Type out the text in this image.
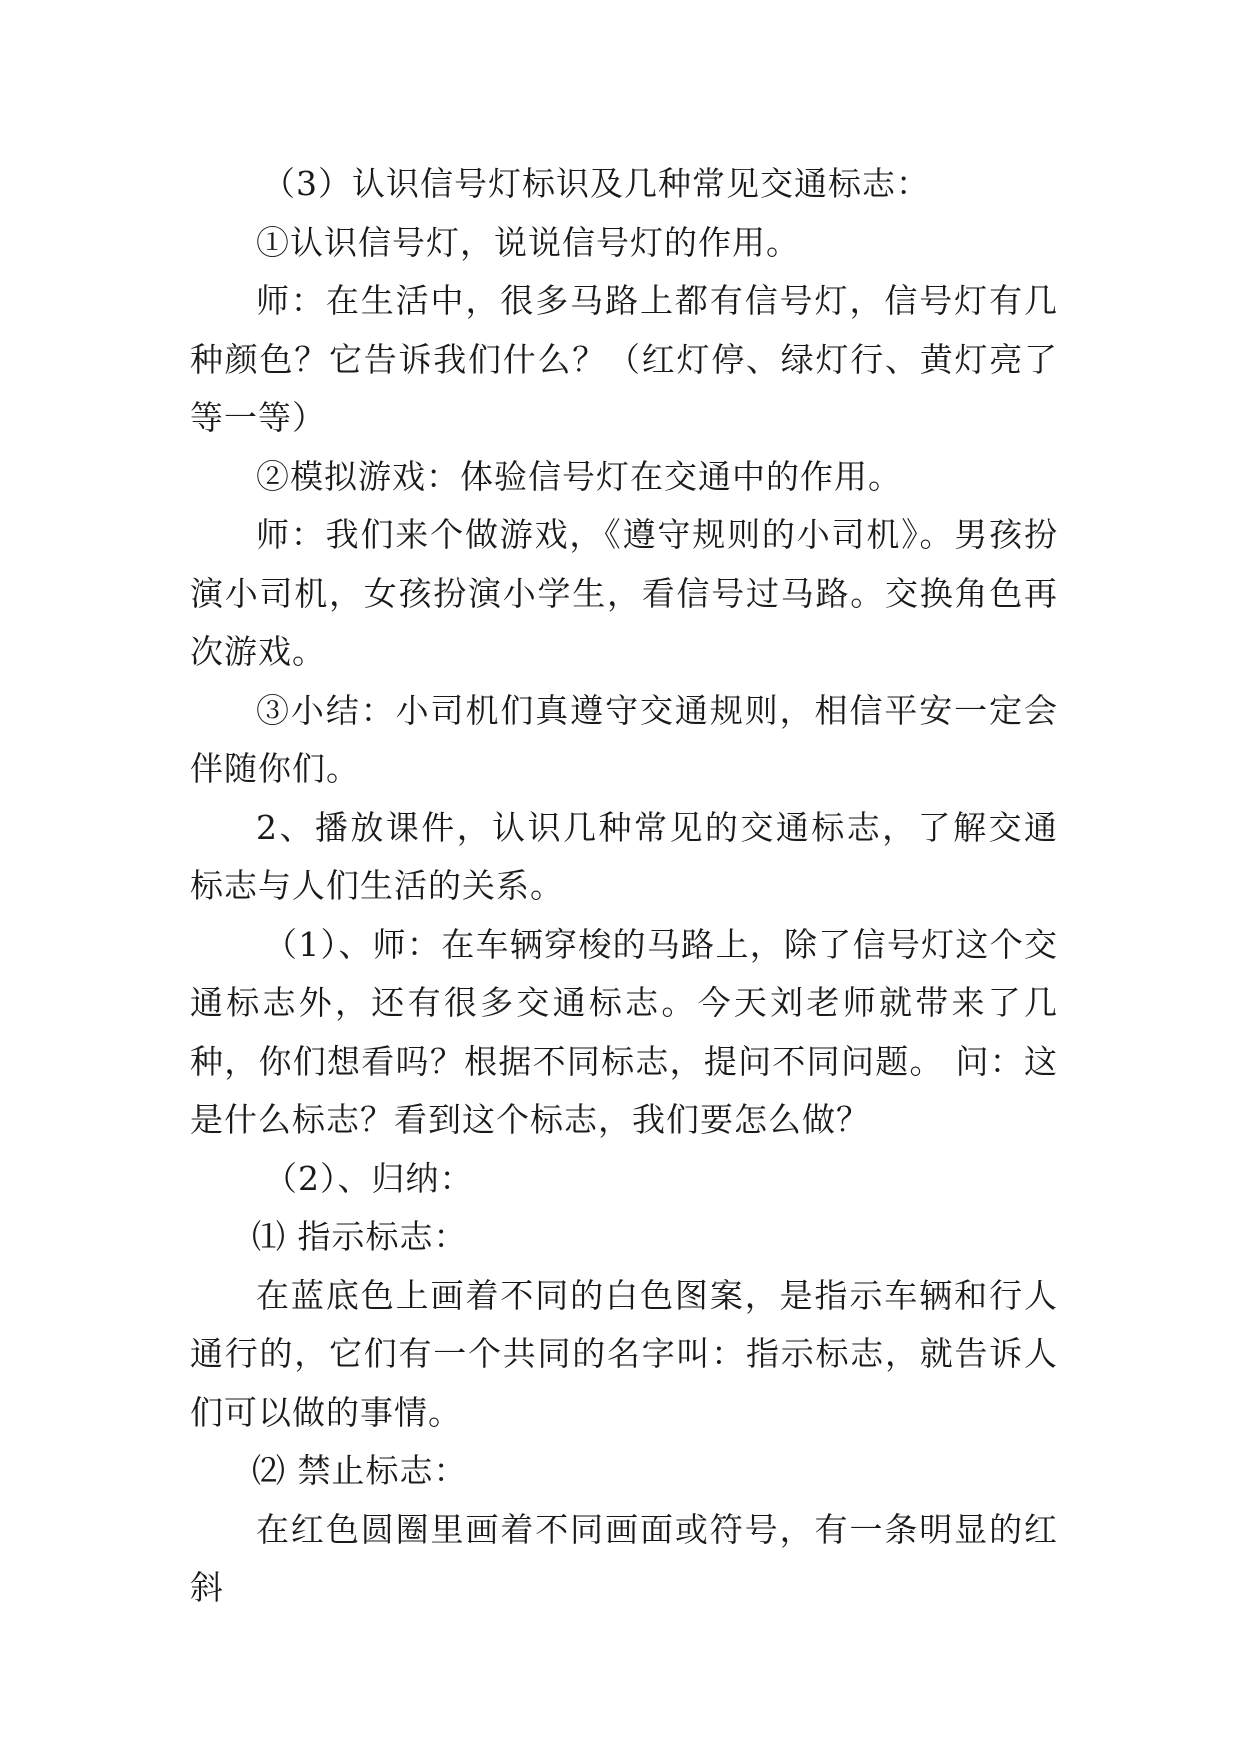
（3）认识信号灯标识及几种常见交通标志：

①认识信号灯，说说信号灯的作用。

师：在生活中，很多马路上都有信号灯，信号灯有几种颜色？它告诉我们什么？（红灯停、绿灯行、黄灯亮了等一等）

②模拟游戏：体验信号灯在交通中的作用。

师：我们来个做游戏，《遵守规则的小司机》。男孩扮演小司机，女孩扮演小学生，看信号过马路。交换角色再次游戏。

③小结：小司机们真遵守交通规则，相信平安一定会伴随你们。

2、播放课件，认识几种常见的交通标志，了解交通标志与人们生活的关系。

（1）、师：在车辆穿梭的马路上，除了信号灯这个交通标志外，还有很多交通标志。今天刘老师就带来了几种，你们想看吗？根据不同标志，提问不同问题。 问：这是什么标志？看到这个标志，我们要怎么做？

（2）、归纳：

⑴ 指示标志：

在蓝底色上画着不同的白色图案，是指示车辆和行人通行的，它们有一个共同的名字叫：指示标志，就告诉人们可以做的事情。

⑵ 禁止标志：

在红色圆圈里画着不同画面或符号，有一条明显的红斜
